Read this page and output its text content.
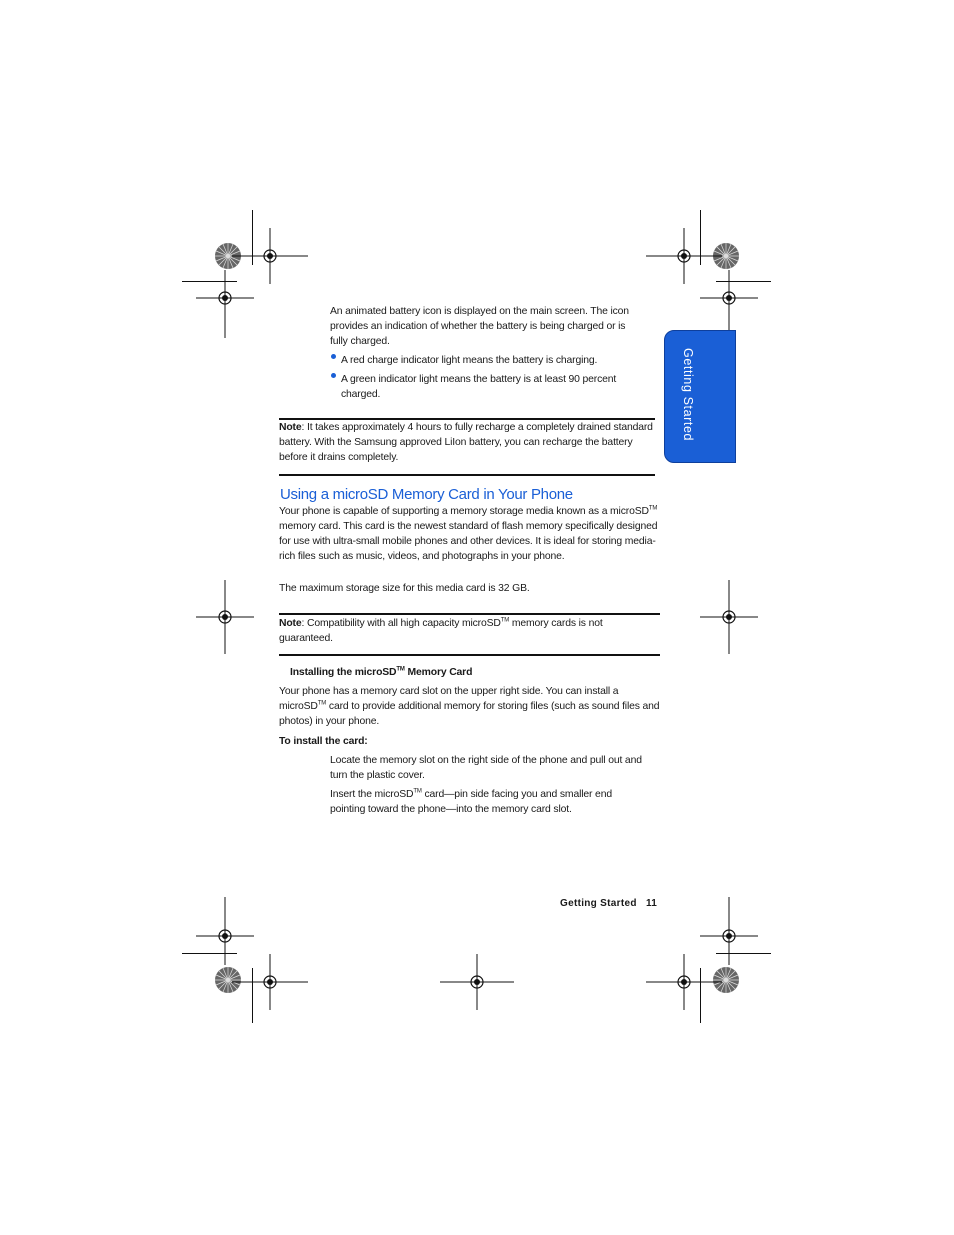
Getting Started

An animated battery icon is displayed on the main screen. The icon provides an indication of whether the battery is being charged or is fully charged.

A red charge indicator light means the battery is charging.

A green indicator light means the battery is at least 90 percent charged.

Note: It takes approximately 4 hours to fully recharge a completely drained standard battery. With the Samsung approved LiIon battery, you can recharge the battery before it drains completely.

Using a microSD Memory Card in Your Phone

Your phone is capable of supporting a memory storage media known as a microSD™ memory card. This card is the newest standard of flash memory specifically designed for use with ultra-small mobile phones and other devices. It is ideal for storing media-rich files such as music, videos, and photographs in your phone.

The maximum storage size for this media card is 32 GB.

Note: Compatibility with all high capacity microSD™ memory cards is not guaranteed.

Installing the microSD™ Memory Card

Your phone has a memory card slot on the upper right side. You can install a microSD™ card to provide additional memory for storing files (such as sound files and photos) in your phone.

To install the card:

Locate the memory slot on the right side of the phone and pull out and turn the plastic cover.

Insert the microSD™ card—pin side facing you and smaller end pointing toward the phone—into the memory card slot.

Getting Started 11
